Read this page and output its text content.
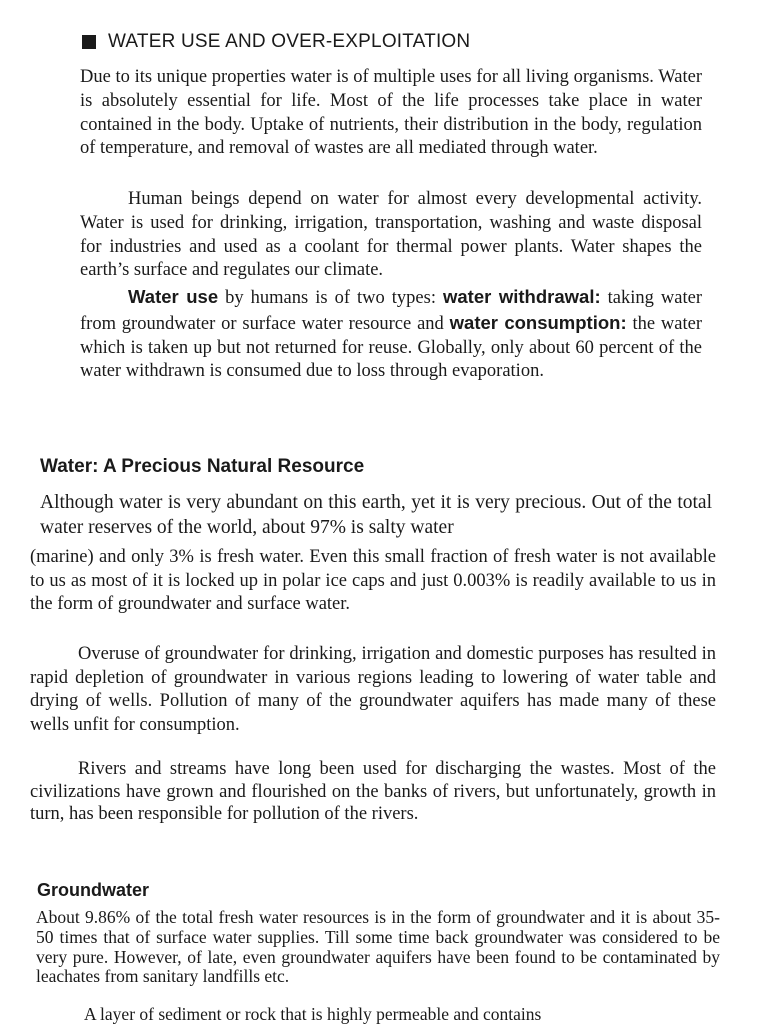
WATER USE AND OVER-EXPLOITATION
Due to its unique properties water is of multiple uses for all living organisms. Water is absolutely essential for life. Most of the life processes take place in water contained in the body. Uptake of nutrients, their distribution in the body, regulation of temperature, and removal of wastes are all mediated through water.
Human beings depend on water for almost every developmental activity. Water is used for drinking, irrigation, transportation, washing and waste disposal for industries and used as a coolant for thermal power plants. Water shapes the earth’s surface and regulates our climate.
Water use by humans is of two types: water withdrawal: taking water from groundwater or surface water resource and water consumption: the water which is taken up but not returned for reuse. Globally, only about 60 percent of the water withdrawn is consumed due to loss through evaporation.
Water: A Precious Natural Resource
Although water is very abundant on this earth, yet it is very precious. Out of the total water reserves of the world, about 97% is salty water
(marine) and only 3% is fresh water. Even this small fraction of fresh water is not available to us as most of it is locked up in polar ice caps and just 0.003% is readily available to us in the form of groundwater and surface water.
Overuse of groundwater for drinking, irrigation and domestic purposes has resulted in rapid depletion of groundwater in various regions leading to lowering of water table and drying of wells. Pollution of many of the groundwater aquifers has made many of these wells unfit for consumption.
Rivers and streams have long been used for discharging the wastes. Most of the civilizations have grown and flourished on the banks of rivers, but unfortunately, growth in turn, has been responsible for pollution of the rivers.
Groundwater
About 9.86% of the total fresh water resources is in the form of groundwater and it is about 35-50 times that of surface water supplies. Till some time back groundwater was considered to be very pure. However, of late, even groundwater aquifers have been found to be contaminated by leachates from sanitary landfills etc.
A layer of sediment or rock that is highly permeable and contains
